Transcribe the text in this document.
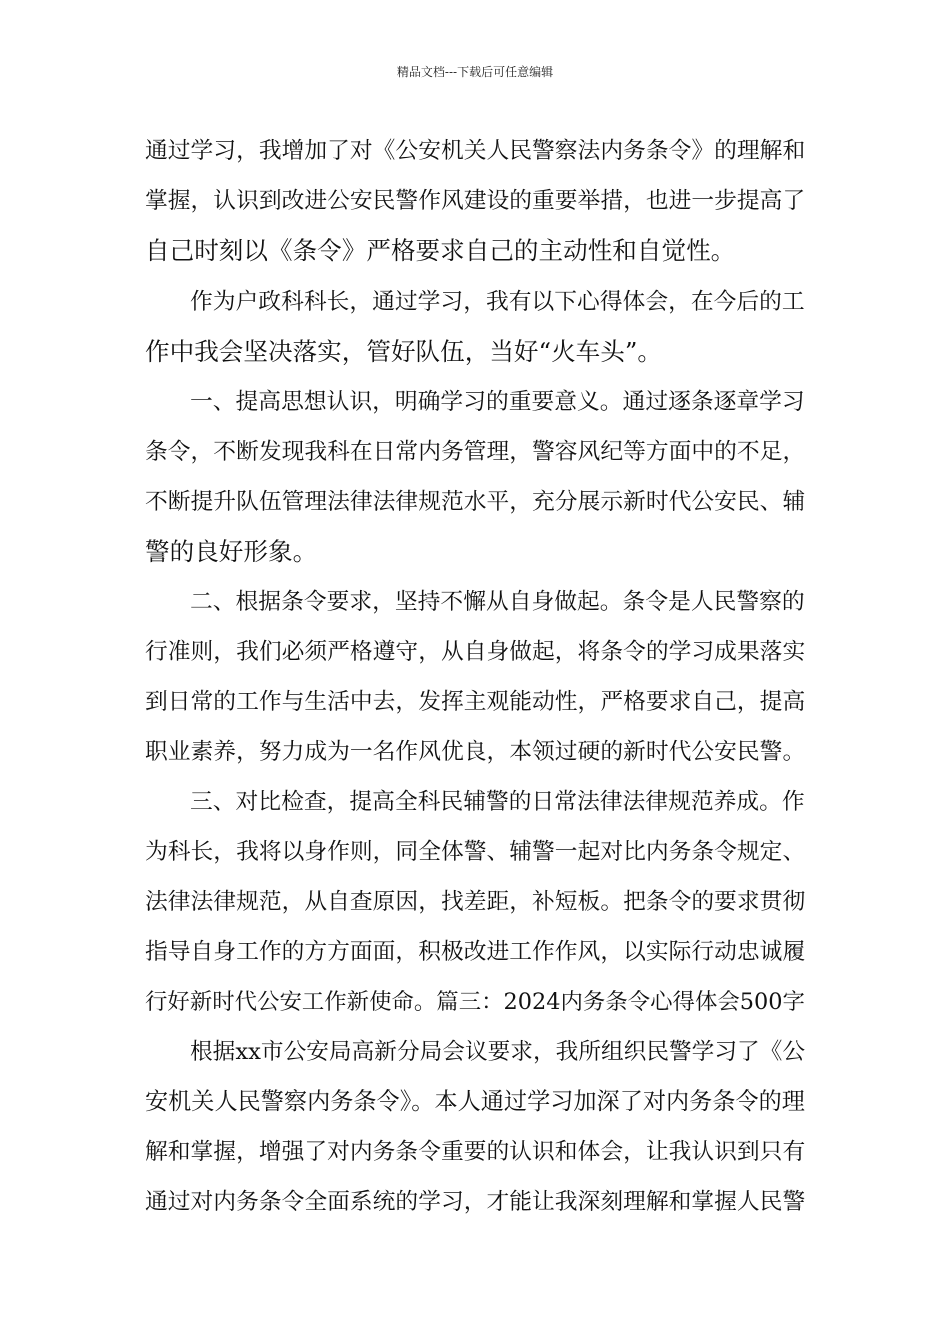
精品文档---下载后可任意编辑
通过学习，我增加了对《公安机关人民警察法内务条令》的理解和
掌握，认识到改进公安民警作风建设的重要举措，也进一步提高了
自己时刻以《条令》严格要求自己的主动性和自觉性。
作为户政科科长，通过学习，我有以下心得体会，在今后的工
作中我会坚决落实，管好队伍，当好“火车头”。
一、提高思想认识，明确学习的重要意义。通过逐条逐章学习
条令，不断发现我科在日常内务管理，警容风纪等方面中的不足，
不断提升队伍管理法律法律规范水平，充分展示新时代公安民、辅
警的良好形象。
二、根据条令要求，坚持不懈从自身做起。条令是人民警察的
行准则，我们必须严格遵守，从自身做起，将条令的学习成果落实
到日常的工作与生活中去，发挥主观能动性，严格要求自己，提高
职业素养，努力成为一名作风优良，本领过硬的新时代公安民警。
三、对比检查，提高全科民辅警的日常法律法律规范养成。作
为科长，我将以身作则，同全体警、辅警一起对比内务条令规定、
法律法律规范，从自查原因，找差距，补短板。把条令的要求贯彻
指导自身工作的方方面面，积极改进工作作风，以实际行动忠诚履
行好新时代公安工作新使命。篇三：2024内务条令心得体会500字
根据xx市公安局高新分局会议要求，我所组织民警学习了《公
安机关人民警察内务条令》。本人通过学习加深了对内务条令的理
解和掌握，增强了对内务条令重要的认识和体会，让我认识到只有
通过对内务条令全面系统的学习，才能让我深刻理解和掌握人民警
